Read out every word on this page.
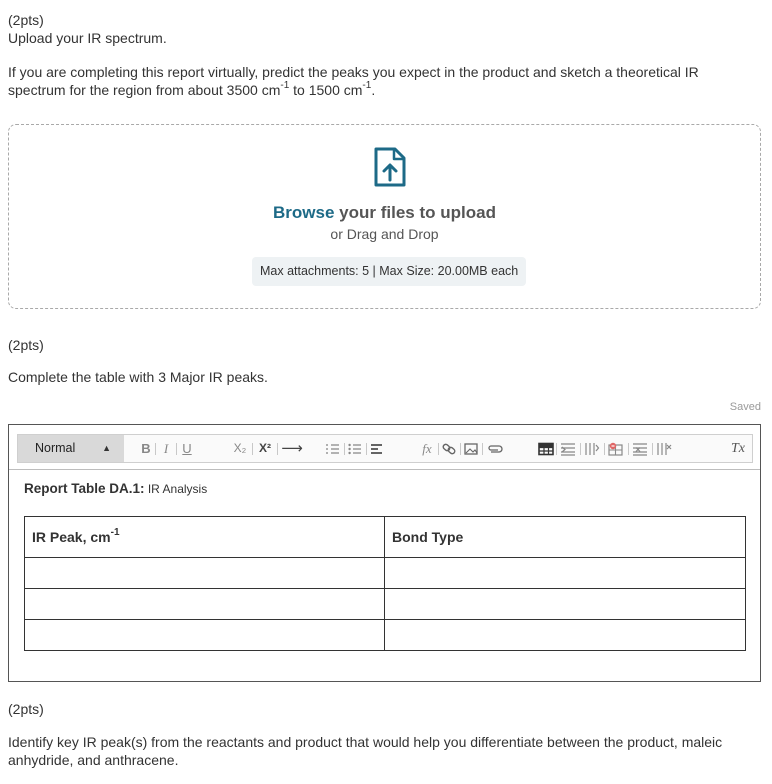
(2pts)
Upload your IR spectrum.
If you are completing this report virtually, predict the peaks you expect in the product and sketch a theoretical IR spectrum for the region from about 3500 $cm^{-1}$ to 1500 $cm^{-1}$.
Browse your files to upload
or Drag and Drop
Max attachments: 5 | Max Size: 20.00MB each
(2pts)
Complete the table with 3 Major IR peaks.
Saved
Normal	▲ B I U	X₂	X² ⟶	fx	Tx
Report Table DA.1: IR Analysis
IR Peak, $cm^{-1}$	Bond Type

(2pts)
Identify key IR peak(s) from the reactants and product that would help you differentiate between the product, maleic anhydride, and anthracene.
